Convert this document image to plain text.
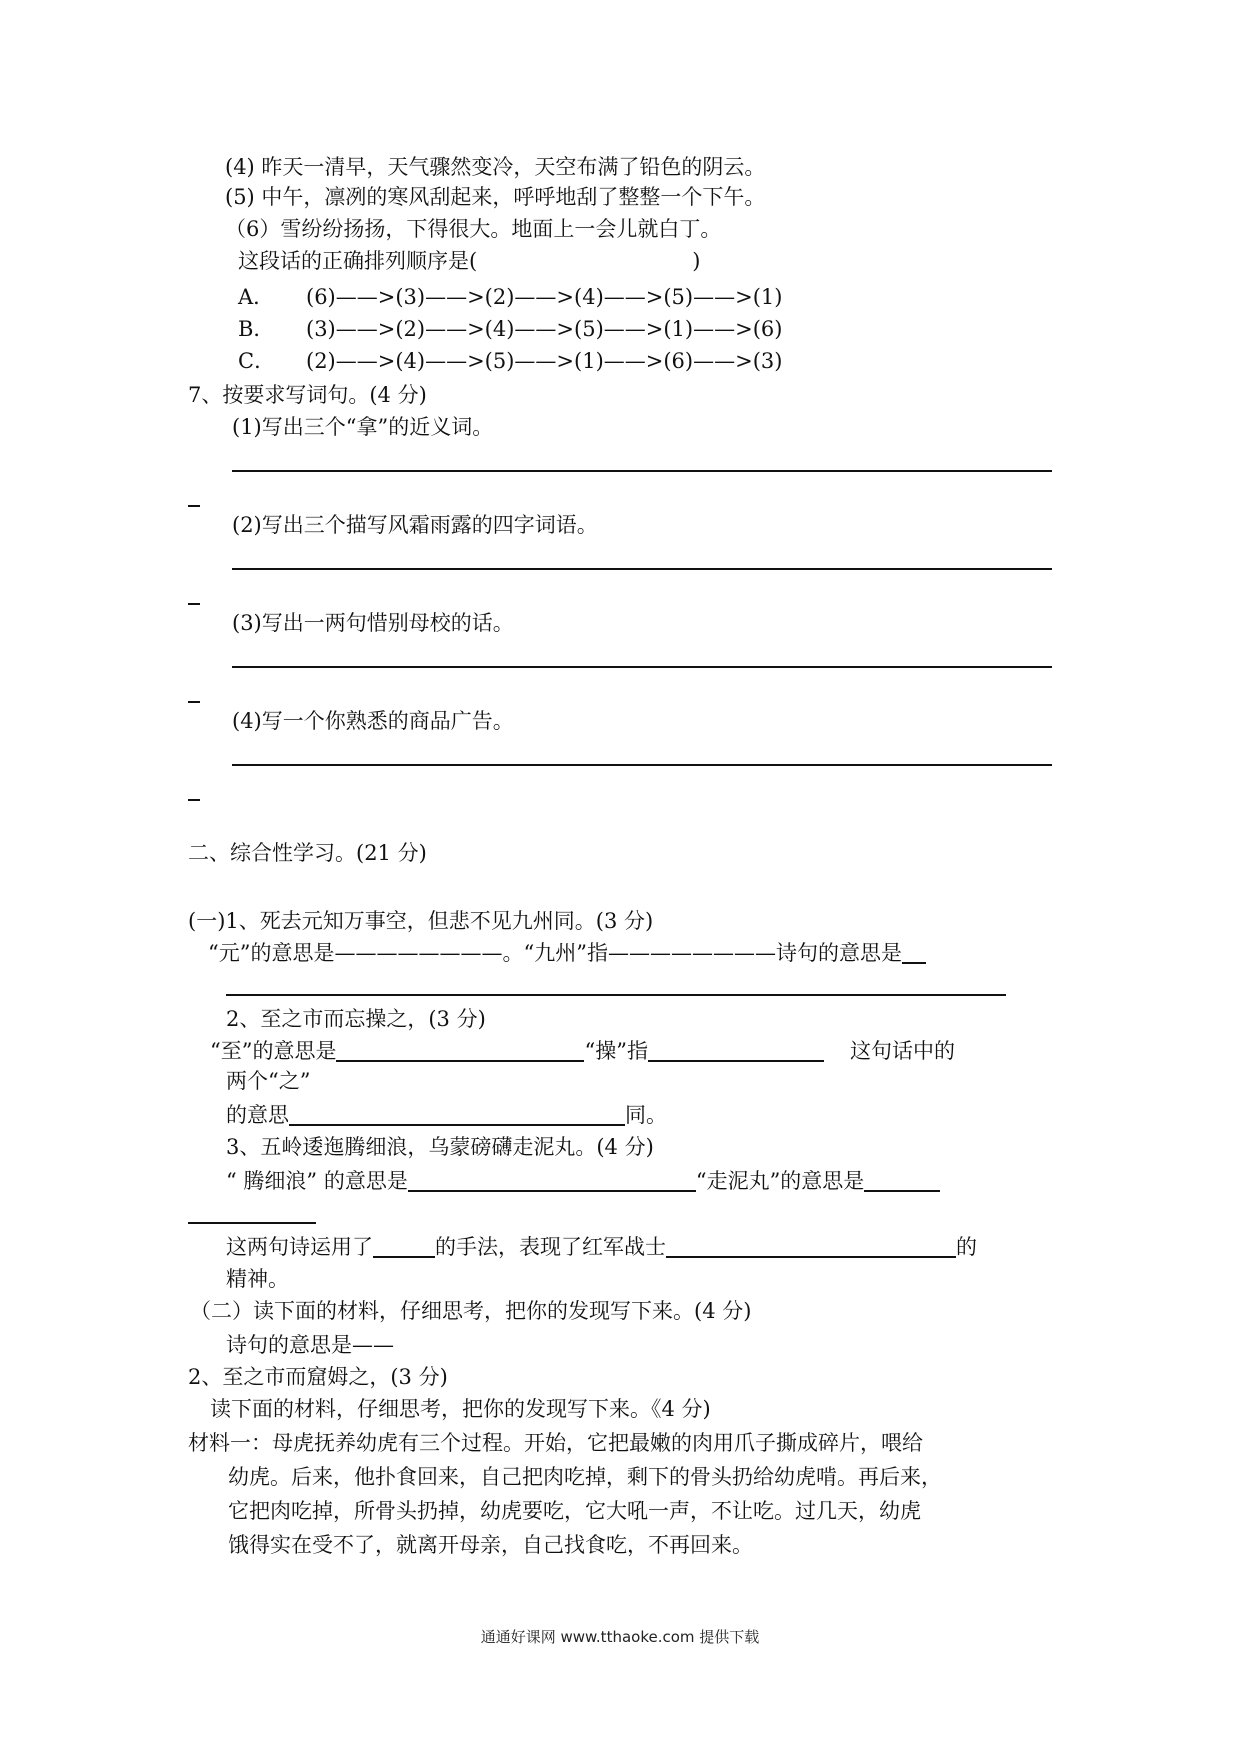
(4) 昨天一清早，天气骤然变冷，天空布满了铅色的阴云。
(5) 中午，凛冽的寒风刮起来，呼呼地刮了整整一个下午。
（6）雪纷纷扬扬，下得很大。地面上一会儿就白丁。
这段话的正确排列顺序是(	)
A． (6)——>(3)——>(2)——>(4)——>(5)——>(1)
B． (3)——>(2)——>(4)——>(5)——>(1)——>(6)
C． (2)——>(4)——>(5)——>(1)——>(6)——>(3)
7、按要求写词句。(4 分)
(1)写出三个“拿”的近义词。
(2)写出三个描写风霜雨露的四字词语。
(3)写出一两句惜别母校的话。
(4)写一个你熟悉的商品广告。
二、综合性学习。(21 分)
(一)1、死去元知万事空，但悲不见九州同。(3 分)
“元”的意思是————————。“九州”指————————诗句的意思是
2、至之市而忘操之，(3 分)
“至”的意思是	“操”指	这句话中的
两个“之”
的意思	同。
3、五岭逶迤腾细浪，乌蒙磅礴走泥丸。(4 分)
“ 腾细浪” 的意思是	“走泥丸”的意思是
这两句诗运用了	的手法，表现了红军战士	的
精神。
（二）读下面的材料，仔细思考，把你的发现写下来。(4 分)
诗句的意思是——
2、至之市而窟姆之，(3 分)
读下面的材料，仔细思考，把你的发现写下来。《4 分)
材料一：母虎抚养幼虎有三个过程。开始，它把最嫩的肉用爪子撕成碎片，喂给
幼虎。后来，他扑食回来，自己把肉吃掉，剩下的骨头扔给幼虎啃。再后来，
它把肉吃掉，所骨头扔掉，幼虎要吃，它大吼一声，不让吃。过几天，幼虎
饿得实在受不了，就离开母亲，自己找食吃，不再回来。
通通好课网 www.tthaoke.com 提供下载
